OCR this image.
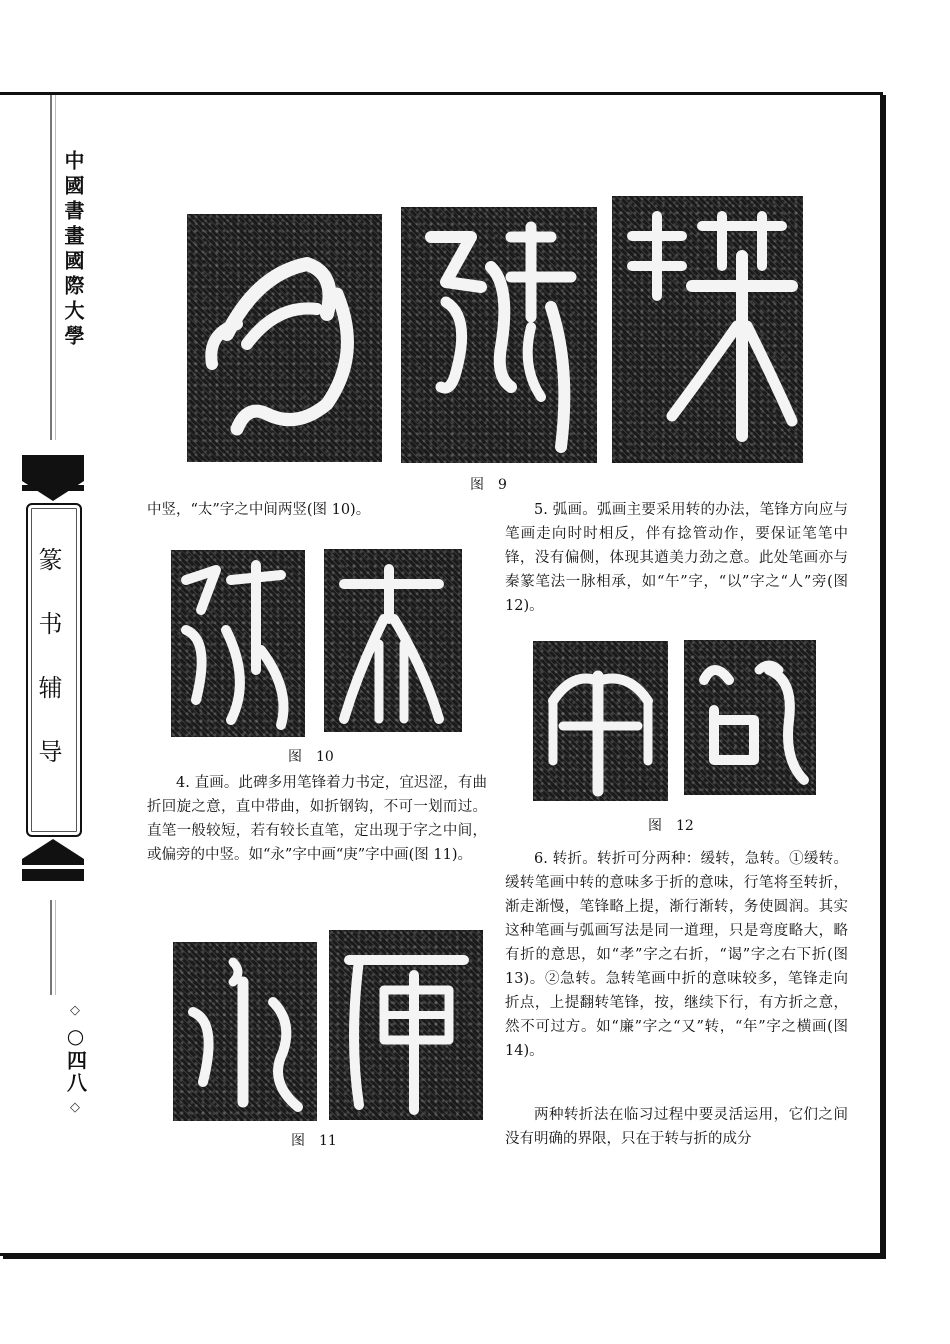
中國書畫國際大學
篆书辅导
◇
○四八
◇
图　9

中竖，“太”字之中间两竖(图 10)。

图　10

4. 直画。此碑多用笔锋着力书定，宜迟涩，有曲折回旋之意，直中带曲，如折钢钩，不可一划而过。直笔一般较短，若有较长直笔，定出现于字之中间，或偏旁的中竖。如“永”字中画“庚”字中画(图 11)。

图　11

5. 弧画。弧画主要采用转的办法，笔锋方向应与笔画走向时时相反，伴有捻管动作，要保证笔笔中锋，没有偏侧，体现其遒美力劲之意。此处笔画亦与秦篆笔法一脉相承，如“午”字，“以”字之“人”旁(图 12)。

图　12

6. 转折。转折可分两种：缓转，急转。①缓转。缓转笔画中转的意味多于折的意味，行笔将至转折，渐走渐慢，笔锋略上提，渐行渐转，务使圆润。其实这种笔画与弧画写法是同一道理，只是弯度略大，略有折的意思，如“孝”字之右折，“谒”字之右下折(图 13)。②急转。急转笔画中折的意味较多，笔锋走向折点，上提翻转笔锋，按，继续下行，有方折之意，然不可过方。如“廉”字之“又”转，“年”字之横画(图 14)。

两种转折法在临习过程中要灵活运用，它们之间没有明确的界限，只在于转与折的成分
